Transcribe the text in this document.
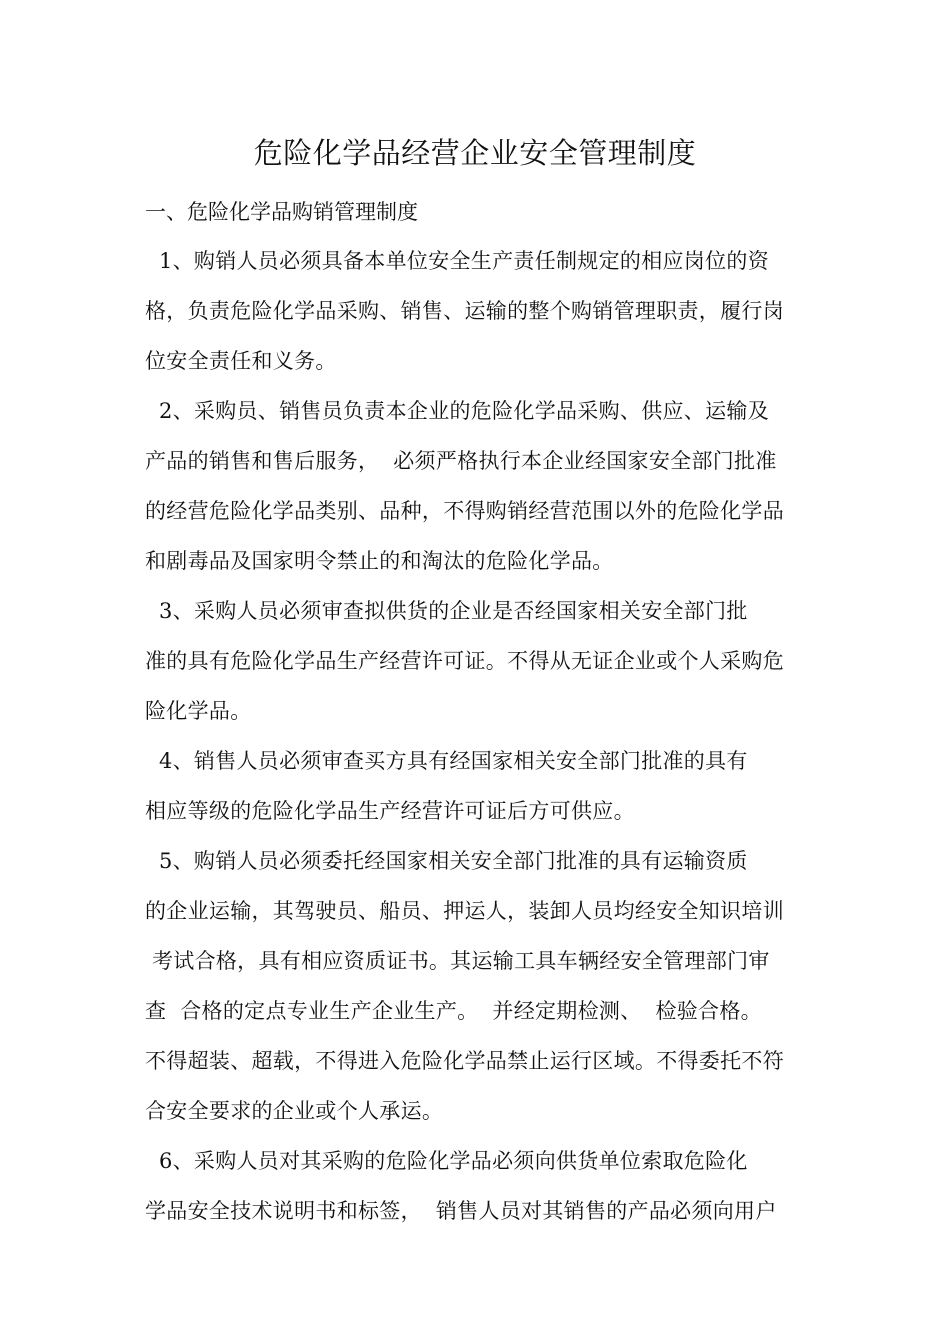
危险化学品经营企业安全管理制度
一、危险化学品购销管理制度
1、购销人员必须具备本单位安全生产责任制规定的相应岗位的资
格，负责危险化学品采购、销售、运输的整个购销管理职责，履行岗
位安全责任和义务。
2、采购员、销售员负责本企业的危险化学品采购、供应、运输及
产品的销售和售后服务，  必须严格执行本企业经国家安全部门批准
的经营危险化学品类别、品种，不得购销经营范围以外的危险化学品
和剧毒品及国家明令禁止的和淘汰的危险化学品。
3、采购人员必须审查拟供货的企业是否经国家相关安全部门批
准的具有危险化学品生产经营许可证。不得从无证企业或个人采购危
险化学品。
4、销售人员必须审查买方具有经国家相关安全部门批准的具有
相应等级的危险化学品生产经营许可证后方可供应。
5、购销人员必须委托经国家相关安全部门批准的具有运输资质
的企业运输，其驾驶员、船员、押运人，装卸人员均经安全知识培训
考试合格，具有相应资质证书。其运输工具车辆经安全管理部门审
查  合格的定点专业生产企业生产。  并经定期检测、  检验合格。
不得超装、超载，不得进入危险化学品禁止运行区域。不得委托不符
合安全要求的企业或个人承运。
6、采购人员对其采购的危险化学品必须向供货单位索取危险化
学品安全技术说明书和标签，  销售人员对其销售的产品必须向用户
